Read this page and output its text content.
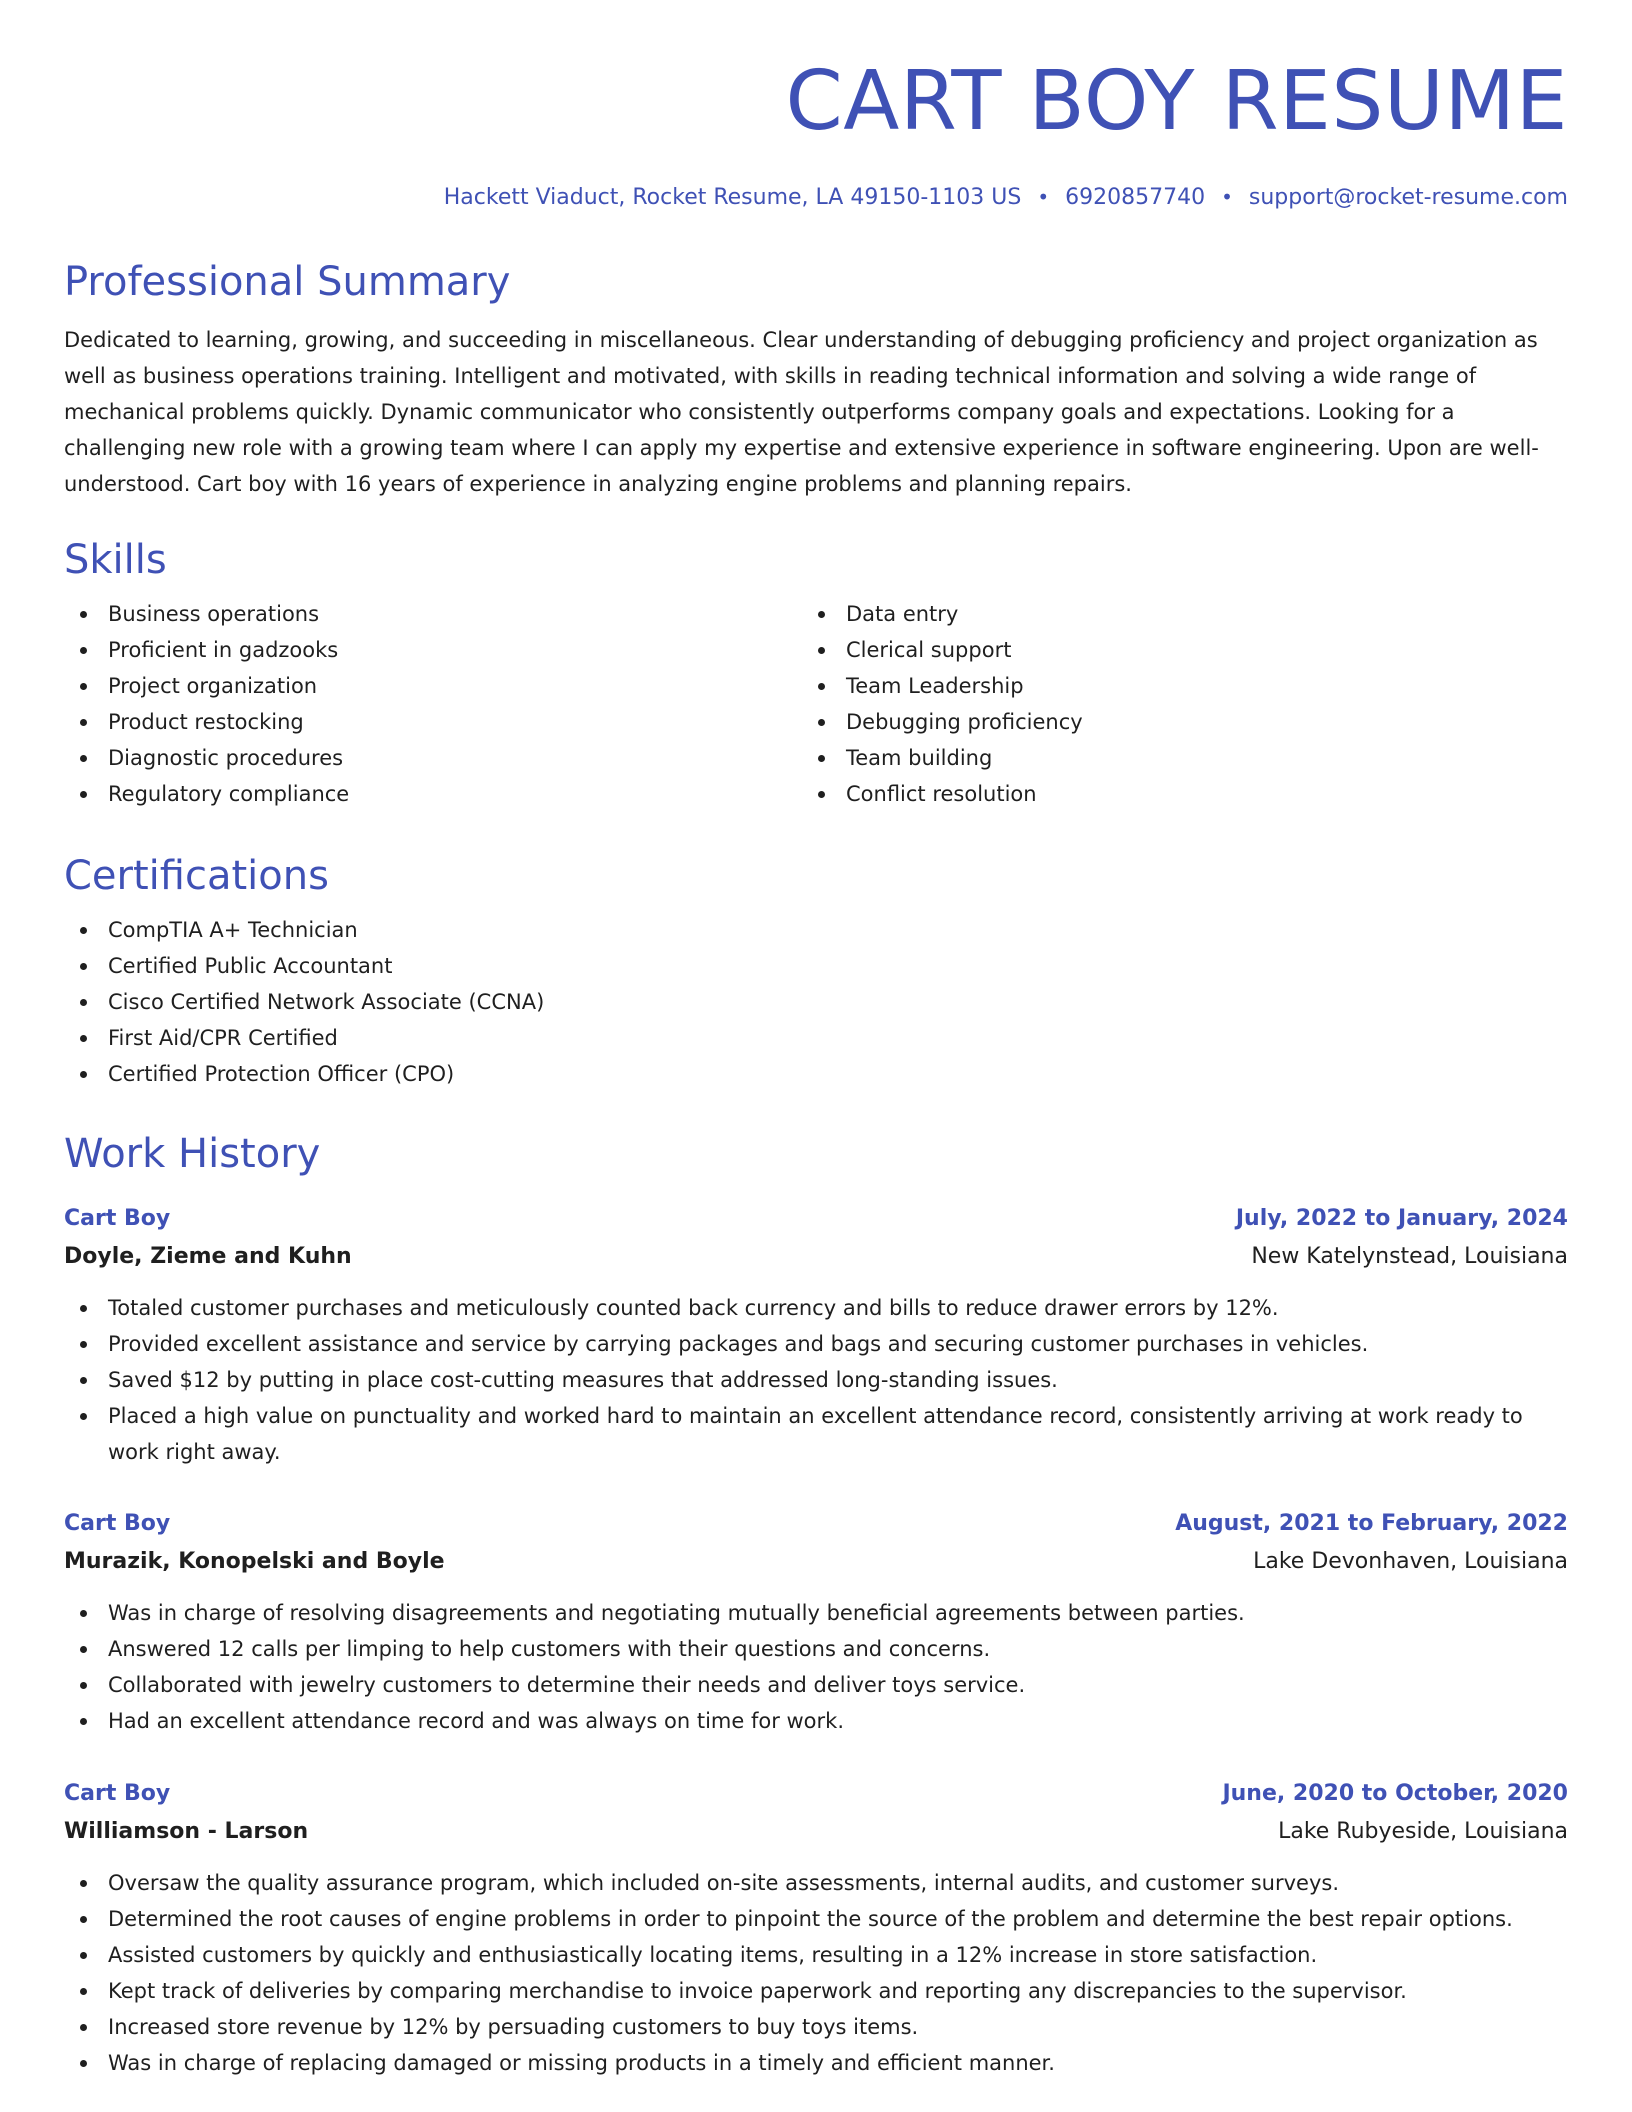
CART BOY RESUME
Hackett Viaduct, Rocket Resume, LA 49150-1103 US • 6920857740 • support@rocket-resume.com
Professional Summary

Dedicated to learning, growing, and succeeding in miscellaneous. Clear understanding of debugging proficiency and project organization as well as business operations training. Intelligent and motivated, with skills in reading technical information and solving a wide range of mechanical problems quickly. Dynamic communicator who consistently outperforms company goals and expectations. Looking for a challenging new role with a growing team where I can apply my expertise and extensive experience in software engineering. Upon are well-understood. Cart boy with 16 years of experience in analyzing engine problems and planning repairs.

Skills
Business operations
Proficient in gadzooks
Project organization
Product restocking
Diagnostic procedures
Regulatory compliance
Data entry
Clerical support
Team Leadership
Debugging proficiency
Team building
Conflict resolution
Certifications
CompTIA A+ Technician
Certified Public Accountant
Cisco Certified Network Associate (CCNA)
First Aid/CPR Certified
Certified Protection Officer (CPO)
Work History
Cart Boy	July, 2022 to January, 2024
Doyle, Zieme and Kuhn	New Katelynstead, Louisiana
Totaled customer purchases and meticulously counted back currency and bills to reduce drawer errors by 12%.
Provided excellent assistance and service by carrying packages and bags and securing customer purchases in vehicles.
Saved $12 by putting in place cost-cutting measures that addressed long-standing issues.
Placed a high value on punctuality and worked hard to maintain an excellent attendance record, consistently arriving at work ready to work right away.
Cart Boy	August, 2021 to February, 2022
Murazik, Konopelski and Boyle	Lake Devonhaven, Louisiana
Was in charge of resolving disagreements and negotiating mutually beneficial agreements between parties.
Answered 12 calls per limping to help customers with their questions and concerns.
Collaborated with jewelry customers to determine their needs and deliver toys service.
Had an excellent attendance record and was always on time for work.
Cart Boy	June, 2020 to October, 2020
Williamson - Larson	Lake Rubyeside, Louisiana
Oversaw the quality assurance program, which included on-site assessments, internal audits, and customer surveys.
Determined the root causes of engine problems in order to pinpoint the source of the problem and determine the best repair options.
Assisted customers by quickly and enthusiastically locating items, resulting in a 12% increase in store satisfaction.
Kept track of deliveries by comparing merchandise to invoice paperwork and reporting any discrepancies to the supervisor.
Increased store revenue by 12% by persuading customers to buy toys items.
Was in charge of replacing damaged or missing products in a timely and efficient manner.
